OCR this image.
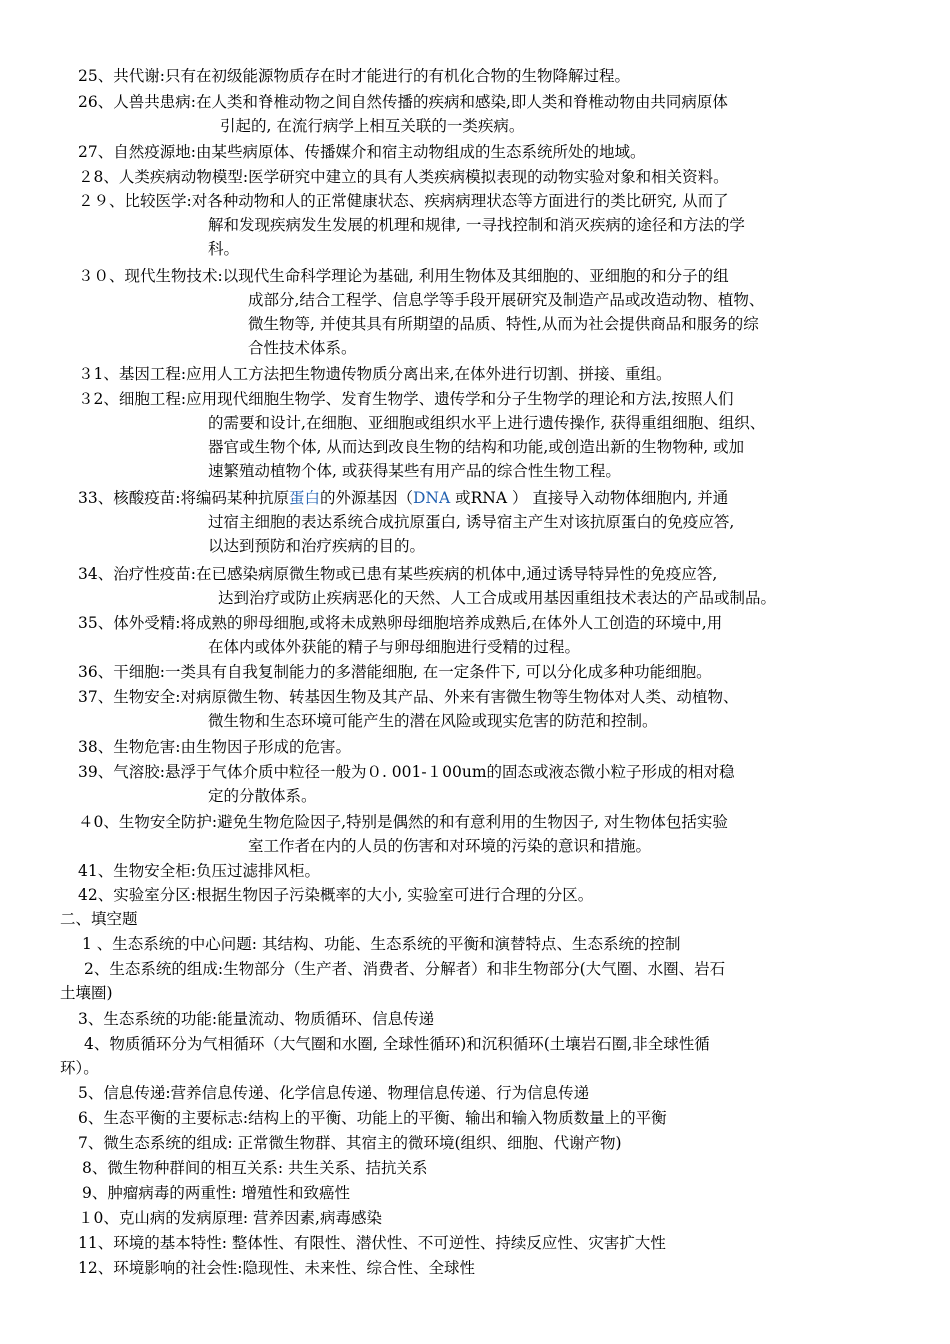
25、共代谢:只有在初级能源物质存在时才能进行的有机化合物的生物降解过程。
26、人兽共患病:在人类和脊椎动物之间自然传播的疾病和感染,即人类和脊椎动物由共同病原体
引起的, 在流行病学上相互关联的一类疾病。
27、自然疫源地:由某些病原体、传播媒介和宿主动物组成的生态系统所处的地域。
２8、人类疾病动物模型:医学研究中建立的具有人类疾病模拟表现的动物实验对象和相关资料。
２９、比较医学:对各种动物和人的正常健康状态、疾病病理状态等方面进行的类比研究, 从而了
解和发现疾病发生发展的机理和规律, 一寻找控制和消灭疾病的途径和方法的学
科。
３０、现代生物技术:以现代生命科学理论为基础, 利用生物体及其细胞的、亚细胞的和分子的组
成部分,结合工程学、信息学等手段开展研究及制造产品或改造动物、植物、
微生物等, 并使其具有所期望的品质、特性,从而为社会提供商品和服务的综
合性技术体系。
３1、基因工程:应用人工方法把生物遗传物质分离出来,在体外进行切割、拼接、重组。
３2、细胞工程:应用现代细胞生物学、发育生物学、遗传学和分子生物学的理论和方法,按照人们
的需要和设计,在细胞、亚细胞或组织水平上进行遗传操作, 获得重组细胞、组织、
器官或生物个体, 从而达到改良生物的结构和功能,或创造出新的生物物种, 或加
速繁殖动植物个体, 或获得某些有用产品的综合性生物工程。
33、核酸疫苗:将编码某种抗原蛋白的外源基因（DNA 或RNA ） 直接导入动物体细胞内, 并通
过宿主细胞的表达系统合成抗原蛋白, 诱导宿主产生对该抗原蛋白的免疫应答,
以达到预防和治疗疾病的目的。
34、治疗性疫苗:在已感染病原微生物或已患有某些疾病的机体中,通过诱导特异性的免疫应答,
达到治疗或防止疾病恶化的天然、人工合成或用基因重组技术表达的产品或制品。
35、体外受精:将成熟的卵母细胞,或将未成熟卵母细胞培养成熟后,在体外人工创造的环境中,用
在体内或体外获能的精子与卵母细胞进行受精的过程。
36、干细胞:一类具有自我复制能力的多潜能细胞, 在一定条件下, 可以分化成多种功能细胞。
37、生物安全:对病原微生物、转基因生物及其产品、外来有害微生物等生物体对人类、动植物、
微生物和生态环境可能产生的潜在风险或现实危害的防范和控制。
38、生物危害:由生物因子形成的危害。
39、气溶胶:悬浮于气体介质中粒径一般为０. 001-１00um的固态或液态微小粒子形成的相对稳
定的分散体系。
４0、生物安全防护:避免生物危险因子,特别是偶然的和有意利用的生物因子, 对生物体包括实验
室工作者在内的人员的伤害和对环境的污染的意识和措施。
41、生物安全柜:负压过滤排风柜。
42、实验室分区:根据生物因子污染概率的大小, 实验室可进行合理的分区。
二、填空题
1 、生态系统的中心问题: 其结构、功能、生态系统的平衡和演替特点、生态系统的控制
2、生态系统的组成:生物部分（生产者、消费者、分解者）和非生物部分(大气圈、水圈、岩石
土壤圈)
3、生态系统的功能:能量流动、物质循环、信息传递
4、物质循环分为气相循环（大气圈和水圈, 全球性循环)和沉积循环(土壤岩石圈,非全球性循
环）。
5、信息传递:营养信息传递、化学信息传递、物理信息传递、行为信息传递
6、生态平衡的主要标志:结构上的平衡、功能上的平衡、输出和输入物质数量上的平衡
7、微生态系统的组成: 正常微生物群、其宿主的微环境(组织、细胞、代谢产物)
8、微生物种群间的相互关系: 共生关系、拮抗关系
9、肿瘤病毒的两重性: 增殖性和致癌性
１0、克山病的发病原理: 营养因素,病毒感染
11、环境的基本特性: 整体性、有限性、潜伏性、不可逆性、持续反应性、灾害扩大性
12、环境影响的社会性:隐现性、未来性、综合性、全球性
